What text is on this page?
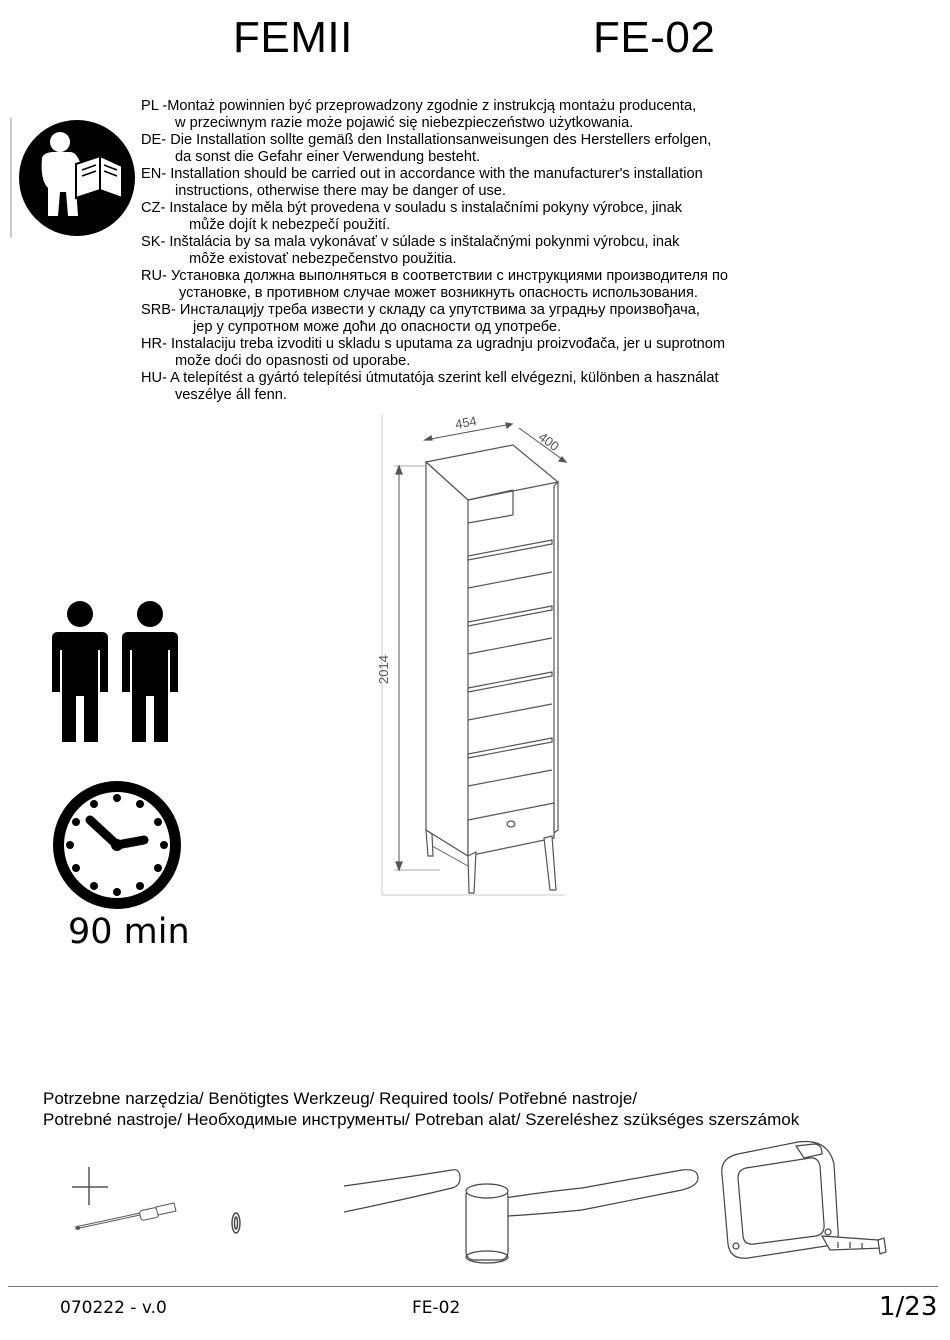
FEMII	FE-02
PL -Montaż powinnien być przeprowadzony zgodnie z instrukcją montażu producenta,
w przeciwnym razie może pojawić się niebezpieczeństwo użytkowania.
DE- Die Installation sollte gemäß den Installationsanweisungen des Herstellers erfolgen,
da sonst die Gefahr einer Verwendung besteht.
EN- Installation should be carried out in accordance with the manufacturer's installation
instructions, otherwise there may be danger of use.
CZ- Instalace by měla být provedena v souladu s instalačními pokyny výrobce, jinak
může dojít k nebezpečí použití.
SK- Inštalácia by sa mala vykonávať v súlade s inštalačnými pokynmi výrobcu, inak
môže existovať nebezpečenstvo použitia.
RU- Установка должна выполняться в соответствии с инструкциями производителя по
установке, в противном случае может возникнуть опасность использования.
SRB- Инсталацију треба извести у складу са упутствима за уградњу произвођача,
јер у супротном може доћи до опасности од употребе.
HR- Instalaciju treba izvoditi u skladu s uputama za ugradnju proizvođača, jer u suprotnom
može doći do opasnosti od uporabe.
HU- A telepítést a gyártó telepítési útmutatója szerint kell elvégezni, különben a használat
veszélye áll fenn.
454
400
2014
90 min
Potrzebne narzędzia/ Benötigtes Werkzeug/ Required tools/ Potřebné nastroje/
Potrebné nastroje/ Необходимые инструменты/ Potreban alat/ Szereléshez szükséges szerszámok
070222 - v.0	FE-02	1/23
